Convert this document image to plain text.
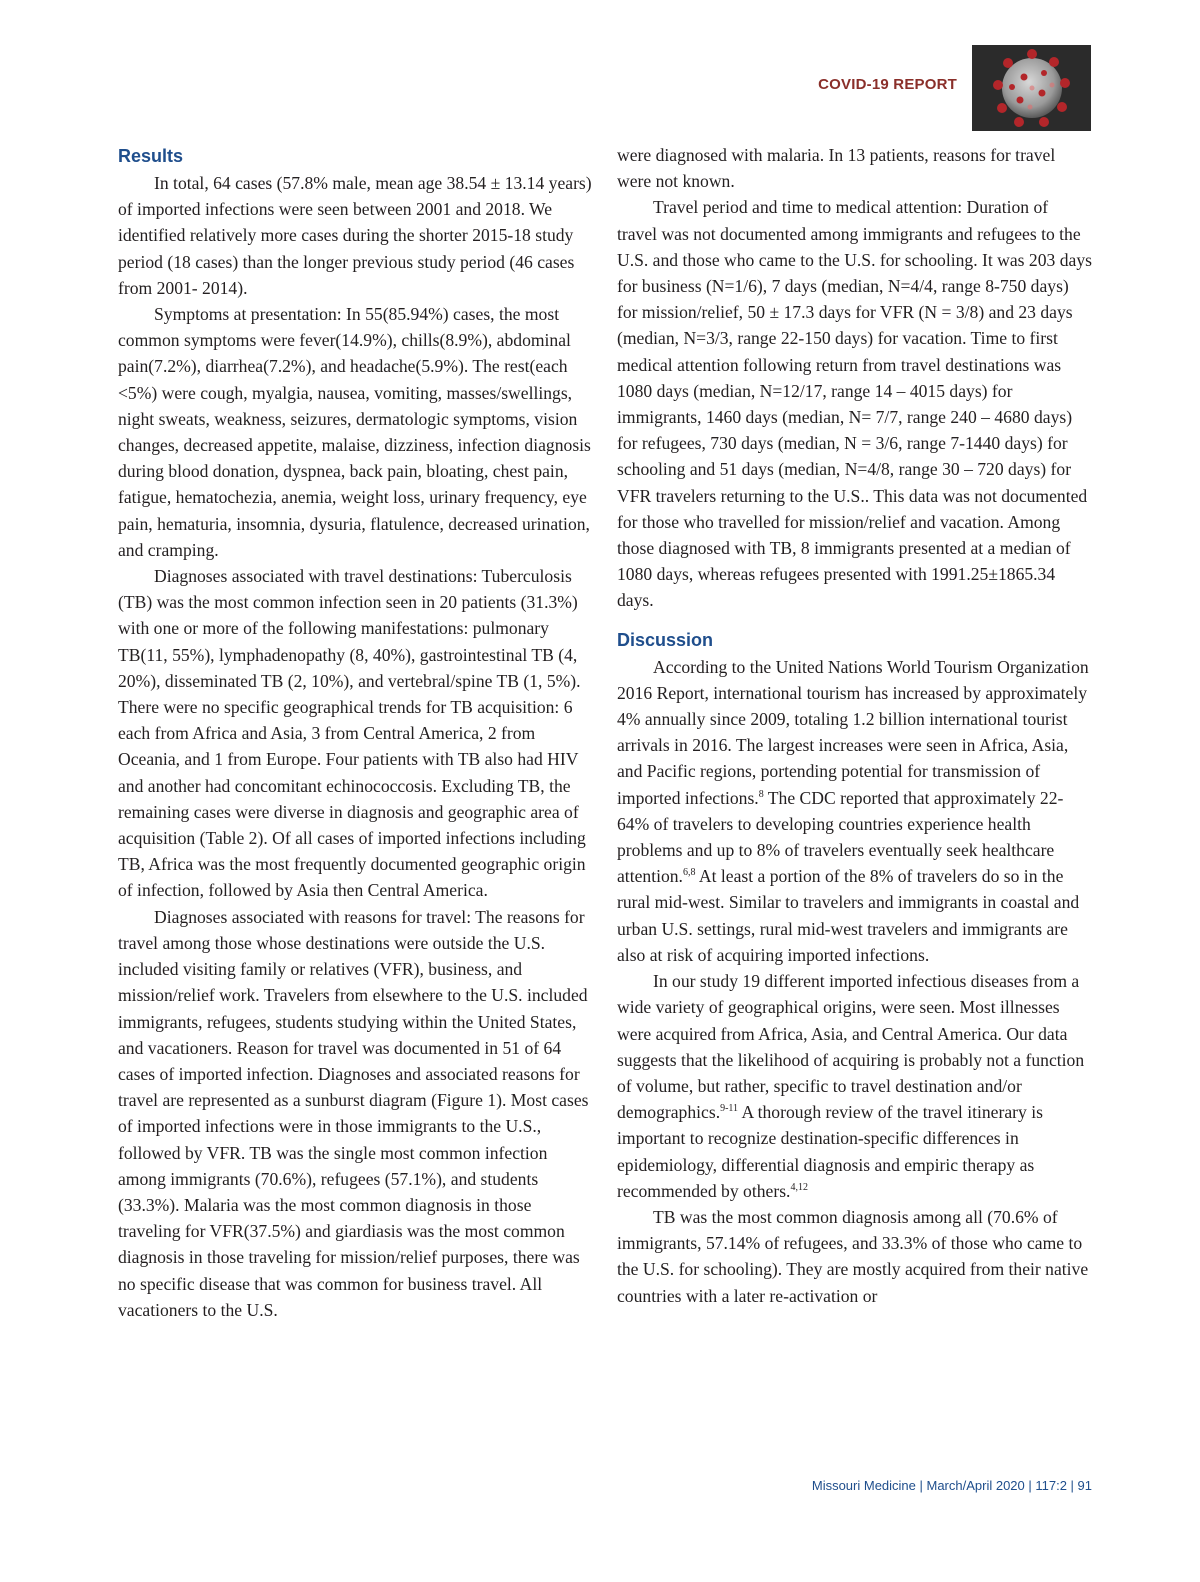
COVID-19 REPORT
Results

In total, 64 cases (57.8% male, mean age 38.54 ± 13.14 years) of imported infections were seen between 2001 and 2018. We identified relatively more cases during the shorter 2015-18 study period (18 cases) than the longer previous study period (46 cases from 2001- 2014).

Symptoms at presentation: In 55(85.94%) cases, the most common symptoms were fever(14.9%), chills(8.9%), abdominal pain(7.2%), diarrhea(7.2%), and headache(5.9%). The rest(each <5%) were cough, myalgia, nausea, vomiting, masses/swellings, night sweats, weakness, seizures, dermatologic symptoms, vision changes, decreased appetite, malaise, dizziness, infection diagnosis during blood donation, dyspnea, back pain, bloating, chest pain, fatigue, hematochezia, anemia, weight loss, urinary frequency, eye pain, hematuria, insomnia, dysuria, flatulence, decreased urination, and cramping.

Diagnoses associated with travel destinations: Tuberculosis (TB) was the most common infection seen in 20 patients (31.3%) with one or more of the following manifestations: pulmonary TB(11, 55%), lymphadenopathy (8, 40%), gastrointestinal TB (4, 20%), disseminated TB (2, 10%), and vertebral/spine TB (1, 5%). There were no specific geographical trends for TB acquisition: 6 each from Africa and Asia, 3 from Central America, 2 from Oceania, and 1 from Europe. Four patients with TB also had HIV and another had concomitant echinococcosis. Excluding TB, the remaining cases were diverse in diagnosis and geographic area of acquisition (Table 2). Of all cases of imported infections including TB, Africa was the most frequently documented geographic origin of infection, followed by Asia then Central America.

Diagnoses associated with reasons for travel: The reasons for travel among those whose destinations were outside the U.S. included visiting family or relatives (VFR), business, and mission/relief work. Travelers from elsewhere to the U.S. included immigrants, refugees, students studying within the United States, and vacationers. Reason for travel was documented in 51 of 64 cases of imported infection. Diagnoses and associated reasons for travel are represented as a sunburst diagram (Figure 1). Most cases of imported infections were in those immigrants to the U.S., followed by VFR. TB was the single most common infection among immigrants (70.6%), refugees (57.1%), and students (33.3%). Malaria was the most common diagnosis in those traveling for VFR(37.5%) and giardiasis was the most common diagnosis in those traveling for mission/relief purposes, there was no specific disease that was common for business travel. All vacationers to the U.S.

were diagnosed with malaria. In 13 patients, reasons for travel were not known.

Travel period and time to medical attention: Duration of travel was not documented among immigrants and refugees to the U.S. and those who came to the U.S. for schooling. It was 203 days for business (N=1/6), 7 days (median, N=4/4, range 8-750 days) for mission/relief, 50 ± 17.3 days for VFR (N = 3/8) and 23 days (median, N=3/3, range 22-150 days) for vacation. Time to first medical attention following return from travel destinations was 1080 days (median, N=12/17, range 14 – 4015 days) for immigrants, 1460 days (median, N= 7/7, range 240 – 4680 days) for refugees, 730 days (median, N = 3/6, range 7-1440 days) for schooling and 51 days (median, N=4/8, range 30 – 720 days) for VFR travelers returning to the U.S.. This data was not documented for those who travelled for mission/relief and vacation. Among those diagnosed with TB, 8 immigrants presented at a median of 1080 days, whereas refugees presented with 1991.25±1865.34 days.

Discussion

According to the United Nations World Tourism Organization 2016 Report, international tourism has increased by approximately 4% annually since 2009, totaling 1.2 billion international tourist arrivals in 2016. The largest increases were seen in Africa, Asia, and Pacific regions, portending potential for transmission of imported infections.$^8$ The CDC reported that approximately 22-64% of travelers to developing countries experience health problems and up to 8% of travelers eventually seek healthcare attention.$^{6,8}$ At least a portion of the 8% of travelers do so in the rural mid-west. Similar to travelers and immigrants in coastal and urban U.S. settings, rural mid-west travelers and immigrants are also at risk of acquiring imported infections.

In our study 19 different imported infectious diseases from a wide variety of geographical origins, were seen. Most illnesses were acquired from Africa, Asia, and Central America. Our data suggests that the likelihood of acquiring is probably not a function of volume, but rather, specific to travel destination and/or demographics.$^{9-11}$ A thorough review of the travel itinerary is important to recognize destination-specific differences in epidemiology, differential diagnosis and empiric therapy as recommended by others.$^{4,12}$

TB was the most common diagnosis among all (70.6% of immigrants, 57.14% of refugees, and 33.3% of those who came to the U.S. for schooling). They are mostly acquired from their native countries with a later re-activation or

Missouri Medicine | March/April 2020 | 117:2 | 91
